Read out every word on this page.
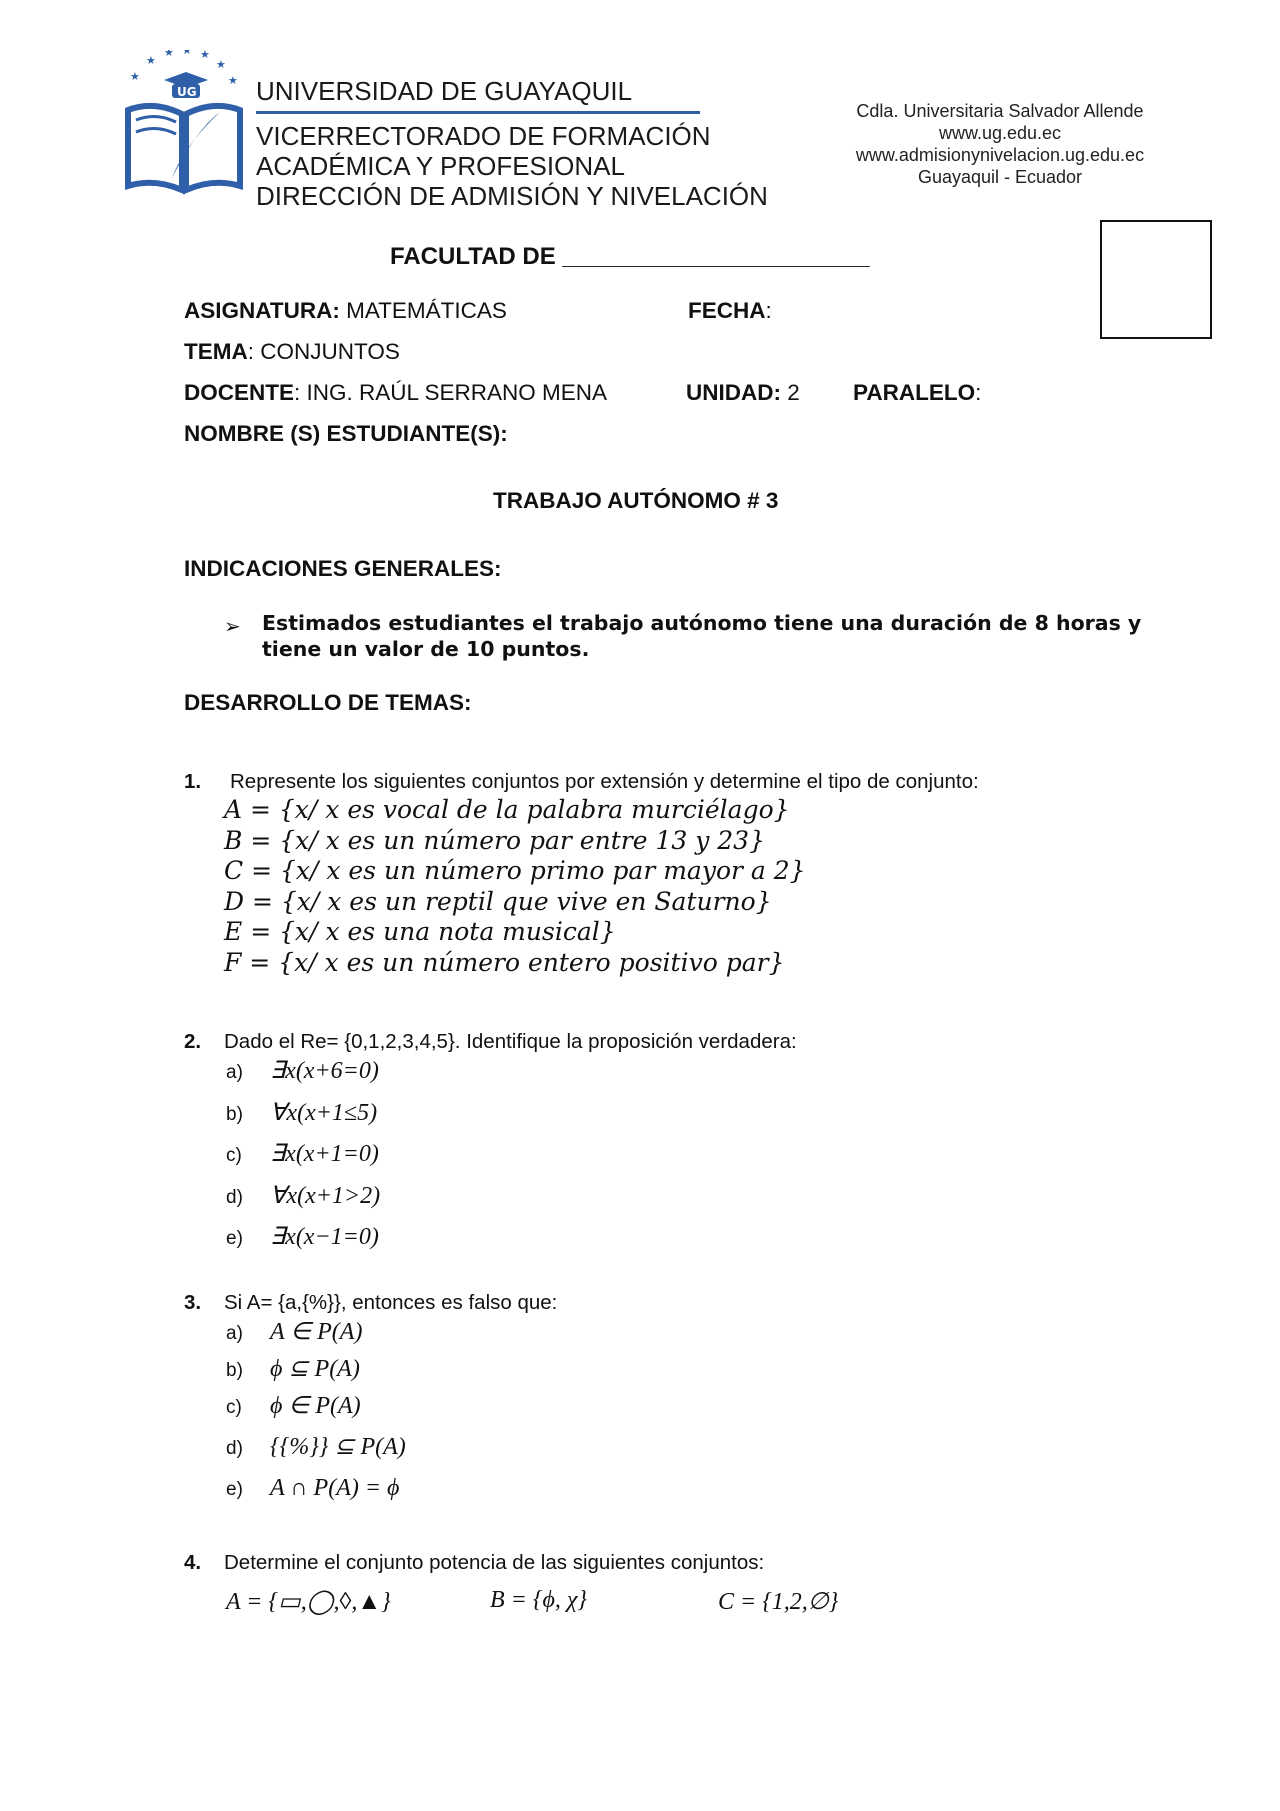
★
★
★ ★ ★
★
★
UG UNIVERSIDAD DE GUAYAQUIL
VICERRECTORADO DE FORMACIÓN
ACADÉMICA Y PROFESIONAL
DIRECCIÓN DE ADMISIÓN Y NIVELACIÓN
Cdla. Universitaria Salvador Allende
www.ug.edu.ec
www.admisionynivelacion.ug.edu.ec
Guayaquil - Ecuador
FACULTAD DE _______________________
ASIGNATURA: MATEMÁTICAS	FECHA:
TEMA: CONJUNTOS
DOCENTE: ING. RAÚL SERRANO MENA	UNIDAD: 2 PARALELO:
NOMBRE (S) ESTUDIANTE(S):
TRABAJO AUTÓNOMO # 3
INDICACIONES GENERALES:
➢ Estimados estudiantes el trabajo autónomo tiene una duración de 8 horas y
tiene un valor de 10 puntos.
DESARROLLO DE TEMAS:
1. Represente los siguientes conjuntos por extensión y determine el tipo de conjunto:
A = {x/ x es vocal de la palabra murciélago}
B = {x/ x es un número par entre 13 y 23}
C = {x/ x es un número primo par mayor a 2}
D = {x/ x es un reptil que vive en Saturno}
E = {x/ x es una nota musical}
F = {x/ x es un número entero positivo par}
2. Dado el Re= {0,1,2,3,4,5}. Identifique la proposición verdadera:
a) ∃x(x+6=0)
b) ∀x(x+1≤5)
c) ∃x(x+1=0)
d) ∀x(x+1>2)
e) ∃x(x−1=0)
3. Si A= {a,{%}}, entonces es falso que:
a) A ∈ P(A)
b) ϕ ⊆ P(A)
c) ϕ ∈ P(A)
d) {{%}} ⊆ P(A)
e) A ∩ P(A) = ϕ
4. Determine el conjunto potencia de las siguientes conjuntos:
A = {▭,◯,◊,▲}	B = {ϕ, χ}	C = {1,2,∅}
